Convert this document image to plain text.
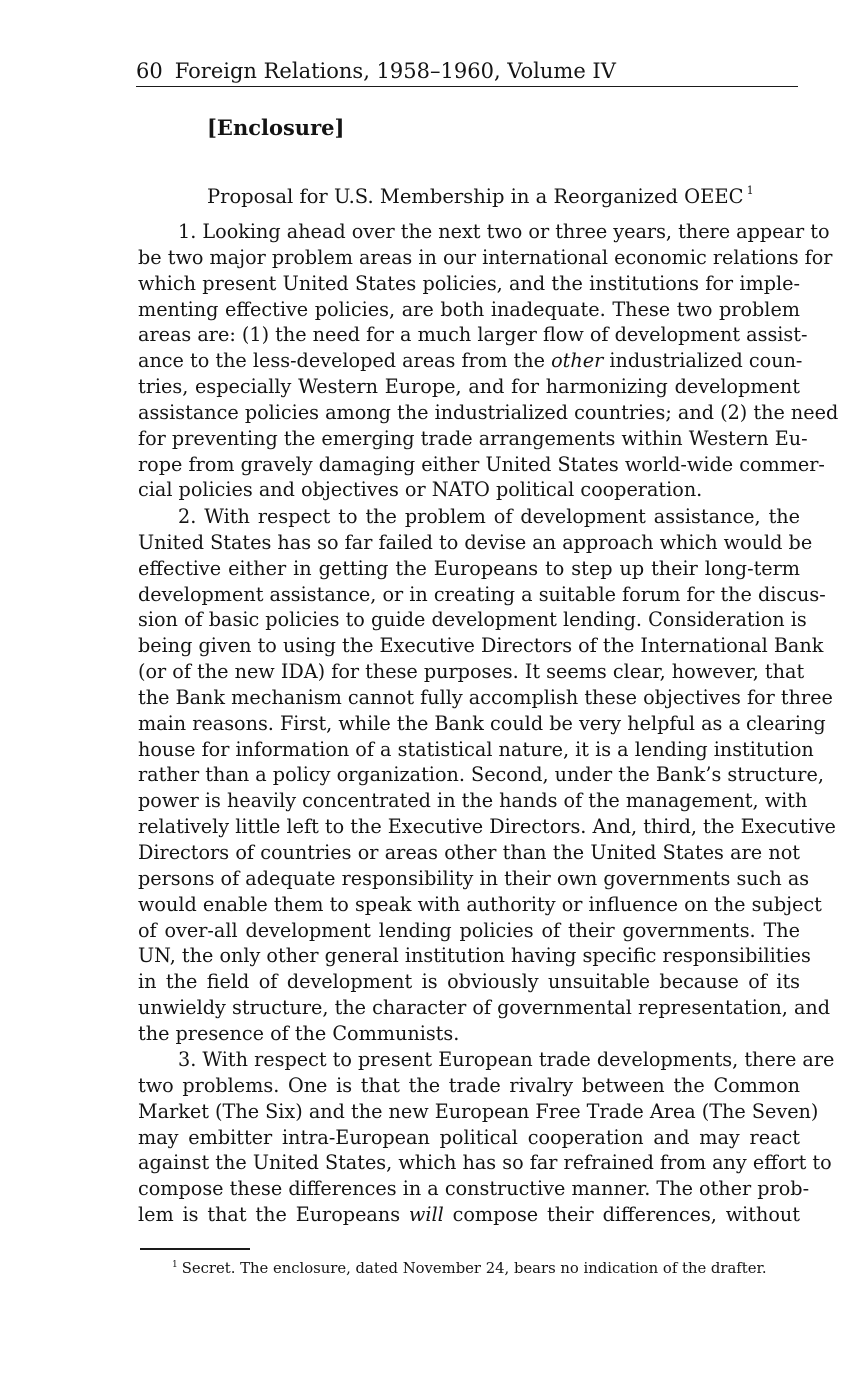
60 Foreign Relations, 1958–1960, Volume IV
[Enclosure]
Proposal for U.S. Membership in a Reorganized OEEC $^1$
1. Looking ahead over the next two or three years, there appear to
be two major problem areas in our international economic relations for
which present United States policies, and the institutions for imple-
menting effective policies, are both inadequate. These two problem
areas are: (1) the need for a much larger flow of development assist-
ance to the less-developed areas from the other industrialized coun-
tries, especially Western Europe, and for harmonizing development
assistance policies among the industrialized countries; and (2) the need
for preventing the emerging trade arrangements within Western Eu-
rope from gravely damaging either United States world-wide commer-
cial policies and objectives or NATO political cooperation.
2. With respect to the problem of development assistance, the
United States has so far failed to devise an approach which would be
effective either in getting the Europeans to step up their long-term
development assistance, or in creating a suitable forum for the discus-
sion of basic policies to guide development lending. Consideration is
being given to using the Executive Directors of the International Bank
(or of the new IDA) for these purposes. It seems clear, however, that
the Bank mechanism cannot fully accomplish these objectives for three
main reasons. First, while the Bank could be very helpful as a clearing
house for information of a statistical nature, it is a lending institution
rather than a policy organization. Second, under the Bank’s structure,
power is heavily concentrated in the hands of the management, with
relatively little left to the Executive Directors. And, third, the Executive
Directors of countries or areas other than the United States are not
persons of adequate responsibility in their own governments such as
would enable them to speak with authority or influence on the subject
of over-all development lending policies of their governments. The
UN, the only other general institution having specific responsibilities
in the field of development is obviously unsuitable because of its
unwieldy structure, the character of governmental representation, and
the presence of the Communists.
3. With respect to present European trade developments, there are
two problems. One is that the trade rivalry between the Common
Market (The Six) and the new European Free Trade Area (The Seven)
may embitter intra-European political cooperation and may react
against the United States, which has so far refrained from any effort to
compose these differences in a constructive manner. The other prob-
lem is that the Europeans will compose their differences, without
$^1$ Secret. The enclosure, dated November 24, bears no indication of the drafter.
